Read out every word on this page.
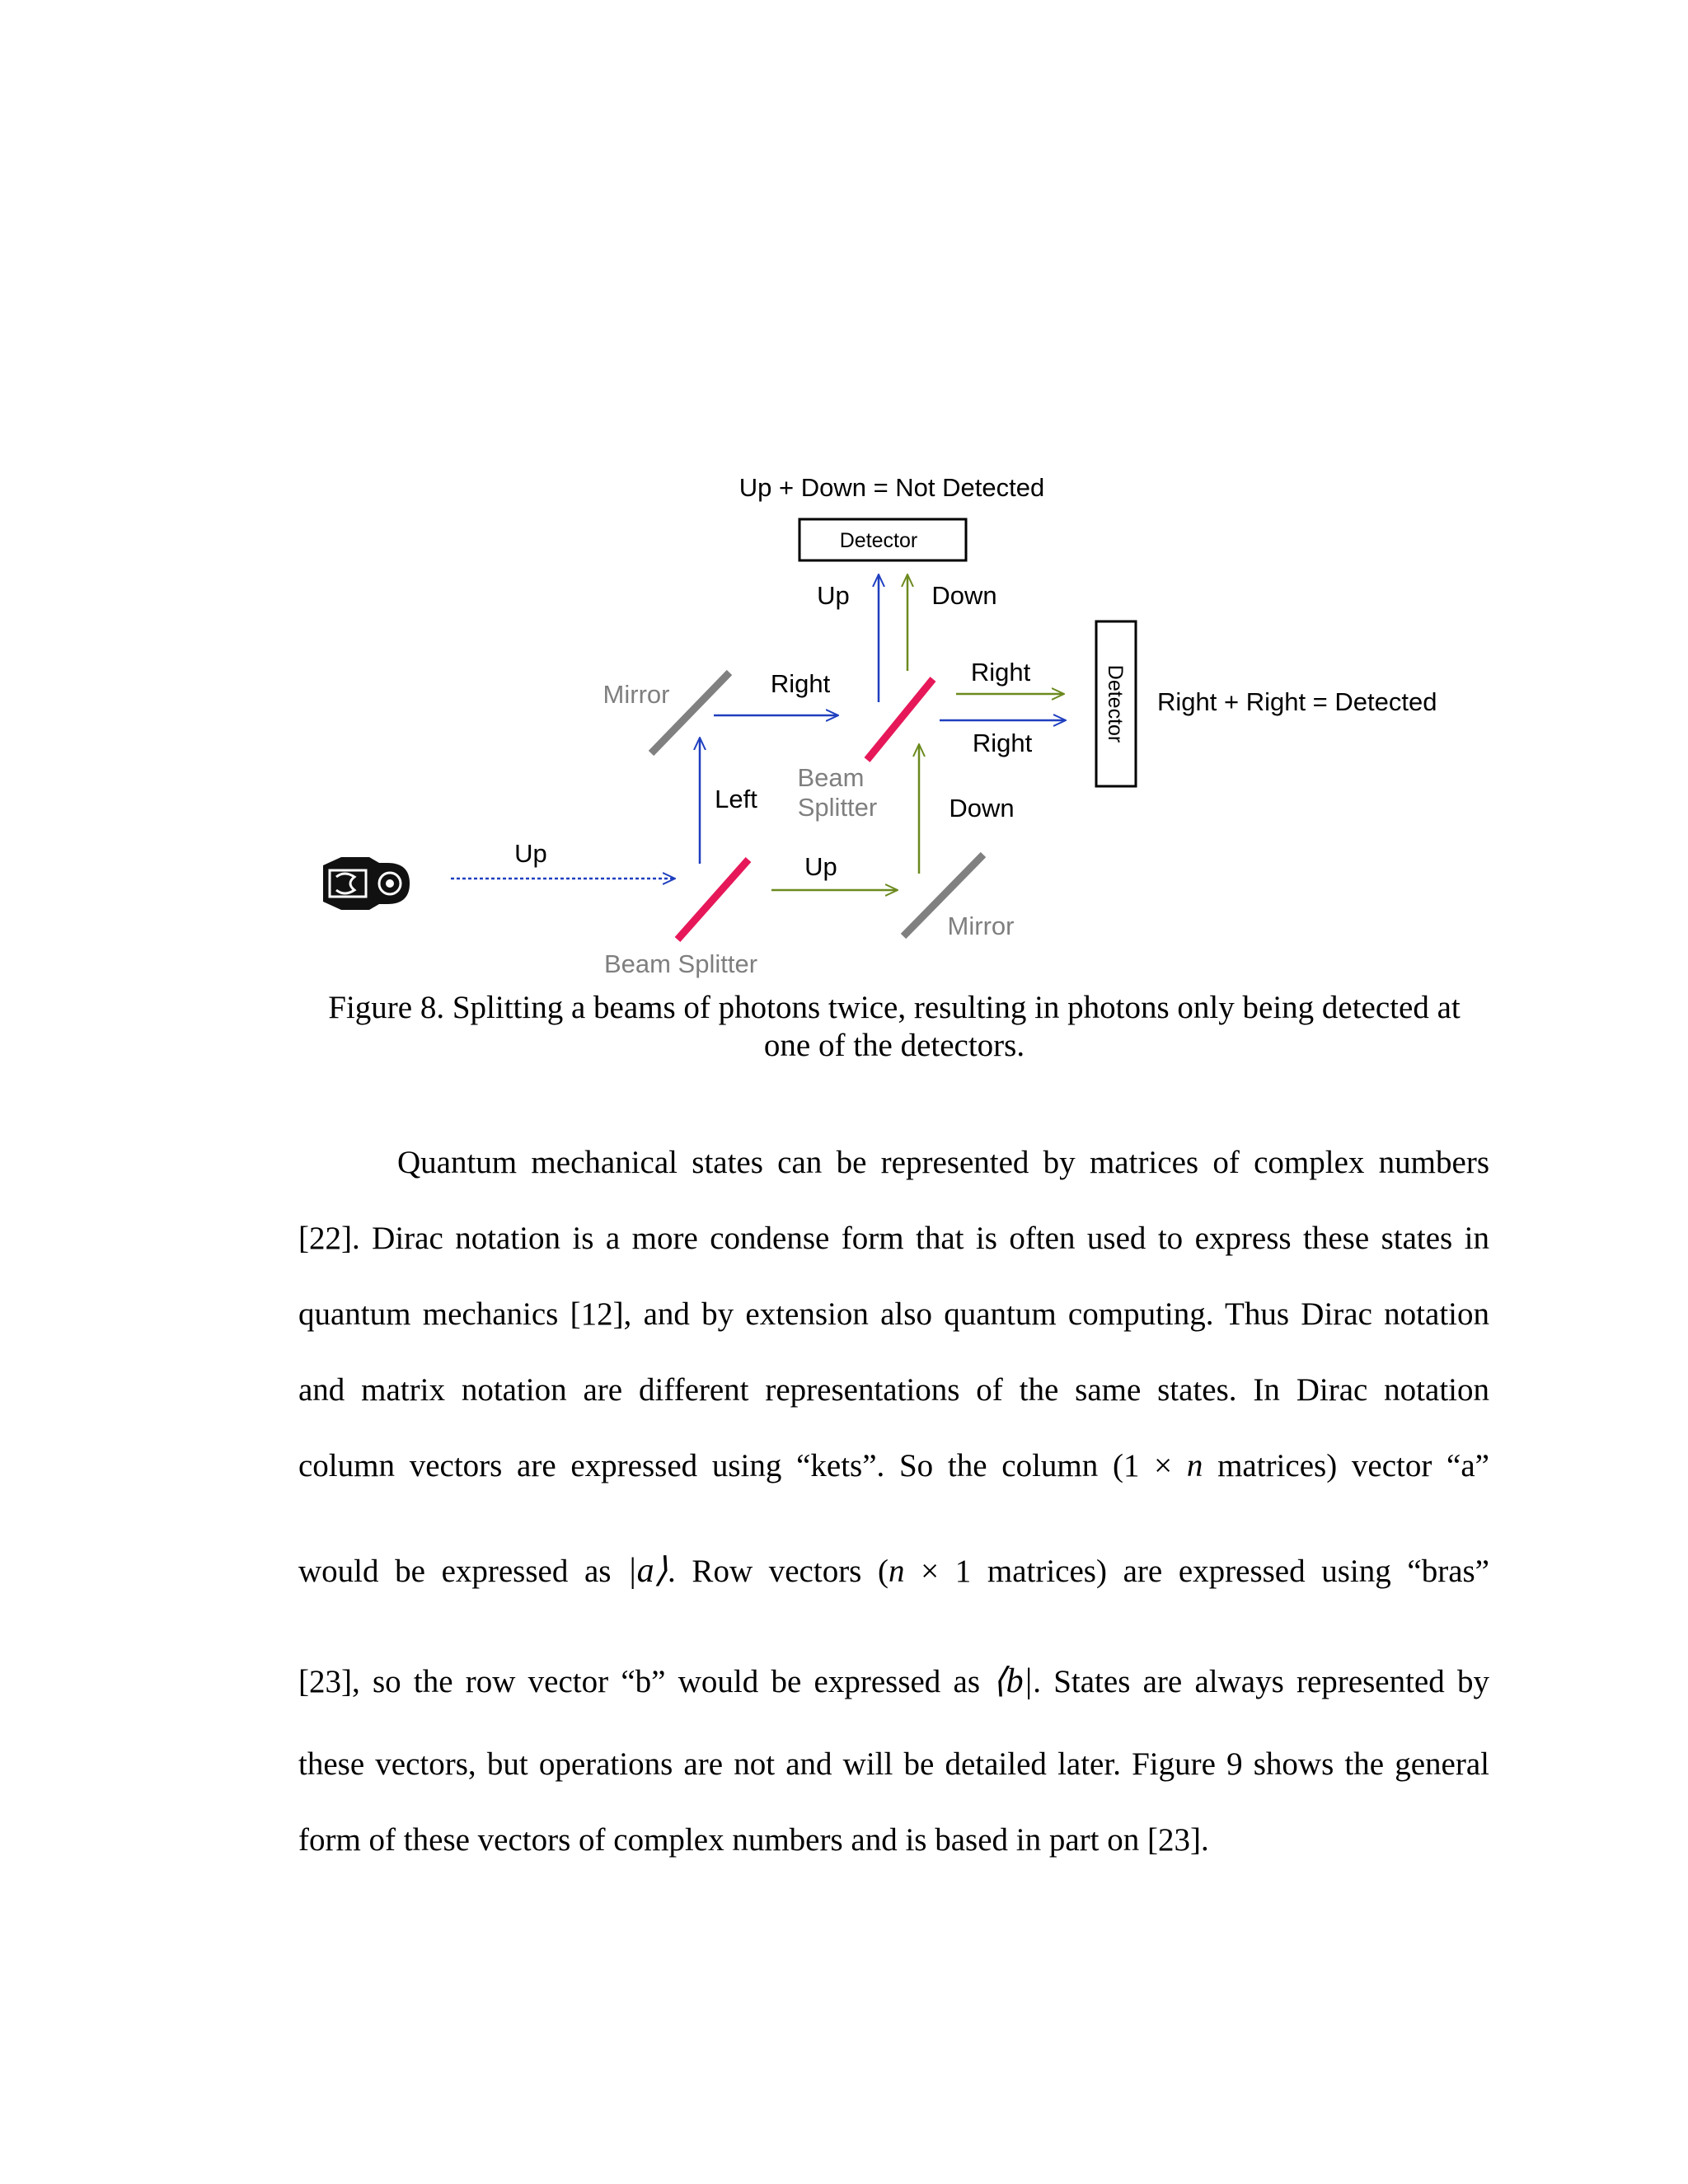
Up + Down = Not Detected
Detector
Detector Right + Right = Detected
Up
Beam Splitter
Left
Mirror	Right
Up
Mirror
Down
Beam
Splitter
Up	Down
Right
Right
Figure 8. Splitting a beams of photons twice, resulting in photons only being detected at
one of the detectors.
Quantum mechanical states can be represented by matrices of complex numbers
[22]. Dirac notation is a more condense form that is often used to express these states in
quantum mechanics [12], and by extension also quantum computing. Thus Dirac notation
and matrix notation are different representations of the same states. In Dirac notation
column vectors are expressed using “kets”. So the column (1 × n matrices) vector “a”
would be expressed as |a⟩. Row vectors (n × 1 matrices) are expressed using “bras”
[23], so the row vector “b” would be expressed as ⟨b|. States are always represented by
these vectors, but operations are not and will be detailed later. Figure 9 shows the general
form of these vectors of complex numbers and is based in part on [23].
